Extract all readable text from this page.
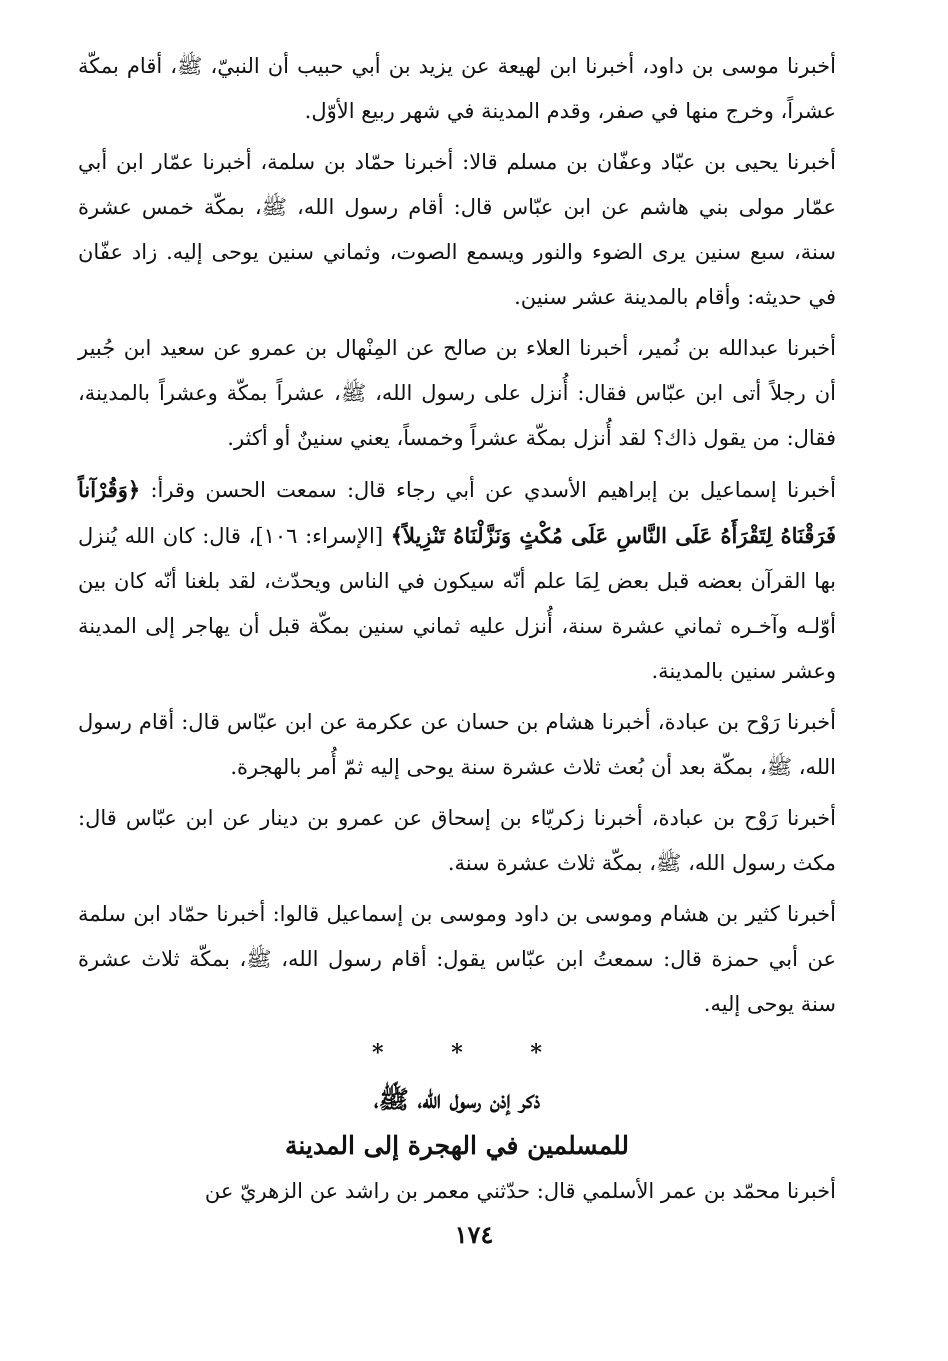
أخبرنا موسى بن داود، أخبرنا ابن لهيعة عن يزيد بن أبي حبيب أن النبيّ، ﷺ، أقام بمكّة عشراً، وخرج منها في صفر، وقدم المدينة في شهر ربيع الأوّل.

أخبرنا يحيى بن عبّاد وعفّان بن مسلم قالا: أخبرنا حمّاد بن سلمة، أخبرنا عمّار ابن أبي عمّار مولى بني هاشم عن ابن عبّاس قال: أقام رسول الله، ﷺ، بمكّة خمس عشرة سنة، سبع سنين يرى الضوء والنور ويسمع الصوت، وثماني سنين يوحى إليه. زاد عفّان في حديثه: وأقام بالمدينة عشر سنين.

أخبرنا عبدالله بن نُمير، أخبرنا العلاء بن صالح عن المِنْهال بن عمرو عن سعيد ابن جُبير أن رجلاً أتى ابن عبّاس فقال: أُنزل على رسول الله، ﷺ، عشراً بمكّة وعشراً بالمدينة، فقال: من يقول ذاك؟ لقد أُنزل بمكّة عشراً وخمساً، يعني سنينٌ أو أكثر.

أخبرنا إسماعيل بن إبراهيم الأسدي عن أبي رجاء قال: سمعت الحسن وقرأ: ﴿وَقُرْآناً فَرَقْنَاهُ لِتَقْرَأَهُ عَلَى النَّاسِ عَلَى مُكْثٍ وَنَزَّلْنَاهُ تَنْزِيلاً﴾ [الإسراء: ١٠٦]، قال: كان الله يُنزل بها القرآن بعضه قبل بعض لِمَا علم أنّه سيكون في الناس ويحدّث، لقد بلغنا أنّه كان بين أوّلـه وآخـره ثماني عشرة سنة، أُنزل عليه ثماني سنين بمكّة قبل أن يهاجر إلى المدينة وعشر سنين بالمدينة.

أخبرنا رَوْح بن عبادة، أخبرنا هشام بن حسان عن عكرمة عن ابن عبّاس قال: أقام رسول الله، ﷺ، بمكّة بعد أن بُعث ثلاث عشرة سنة يوحى إليه ثمّ أُمر بالهجرة.

أخبرنا رَوْح بن عبادة، أخبرنا زكريّاء بن إسحاق عن عمرو بن دينار عن ابن عبّاس قال: مكث رسول الله، ﷺ، بمكّة ثلاث عشرة سنة.

أخبرنا كثير بن هشام وموسى بن داود وموسى بن إسماعيل قالوا: أخبرنا حمّاد ابن سلمة عن أبي حمزة قال: سمعتُ ابن عبّاس يقول: أقام رسول الله، ﷺ، بمكّة ثلاث عشرة سنة يوحى إليه.

*	*	*

ذكر إذن رسول الله، ﷺ،

للمسلمين في الهجرة إلى المدينة

أخبرنا محمّد بن عمر الأسلمي قال: حدّثني معمر بن راشد عن الزهريّ عن

١٧٤
